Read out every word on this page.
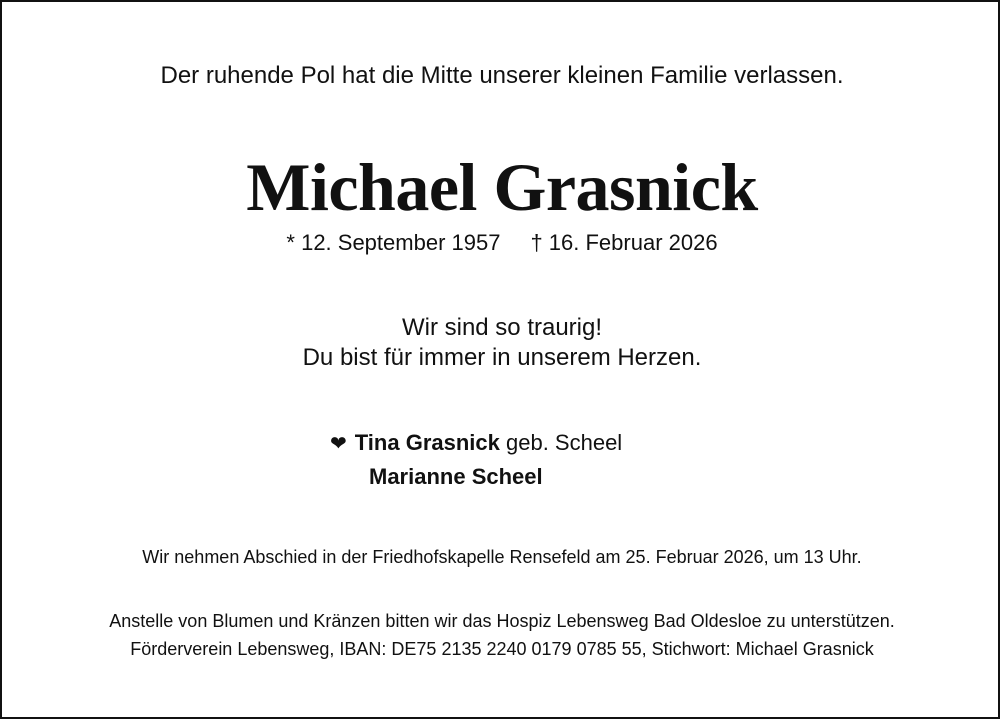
Der ruhende Pol hat die Mitte unserer kleinen Familie verlassen.
Michael Grasnick
* 12. September 1957 † 16. Februar 2026
Wir sind so traurig!
Du bist für immer in unserem Herzen.
❤ Tina Grasnick geb. Scheel
Marianne Scheel
Wir nehmen Abschied in der Friedhofskapelle Rensefeld am 25. Februar 2026, um 13 Uhr.
Anstelle von Blumen und Kränzen bitten wir das Hospiz Lebensweg Bad Oldesloe zu unterstützen.
Förderverein Lebensweg, IBAN: DE75 2135 2240 0179 0785 55, Stichwort: Michael Grasnick
